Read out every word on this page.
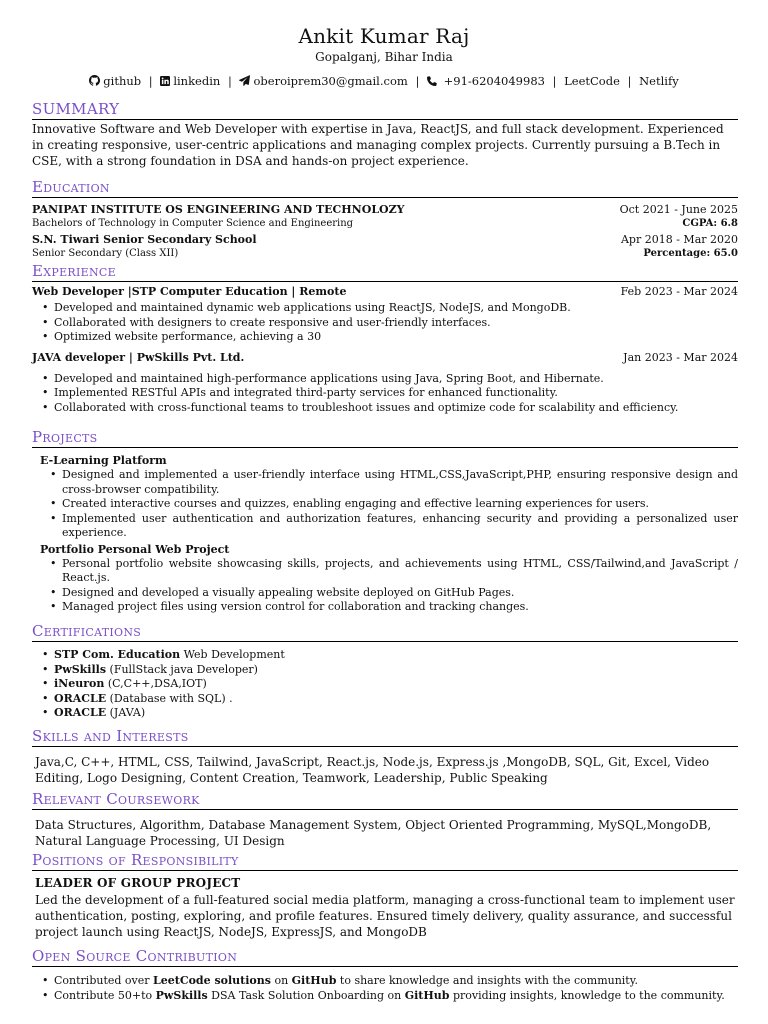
Ankit Kumar Raj
Gopalganj, Bihar India
github | linkedin | oberoiprem30@gmail.com | +91-6204049983 | LeetCode | Netlify
SUMMARY
Innovative Software and Web Developer with expertise in Java, ReactJS, and full stack development. Experienced in creating responsive, user-centric applications and managing complex projects. Currently pursuing a B.Tech in CSE, with a strong foundation in DSA and hands-on project experience.
Education
PANIPAT INSTITUTE OS ENGINEERING AND TECHNOLOZY	Oct 2021 - June 2025
Bachelors of Technology in Computer Science and Engineering	CGPA: 6.8
S.N. Tiwari Senior Secondary School	Apr 2018 - Mar 2020
Senior Secondary (Class XII)	Percentage: 65.0
Experience
Web Developer |STP Computer Education | Remote	Feb 2023 - Mar 2024
• Developed and maintained dynamic web applications using ReactJS, NodeJS, and MongoDB.
• Collaborated with designers to create responsive and user-friendly interfaces.
• Optimized website performance, achieving a 30
JAVA developer | PwSkills Pvt. Ltd.	Jan 2023 - Mar 2024
• Developed and maintained high-performance applications using Java, Spring Boot, and Hibernate.
• Implemented RESTful APIs and integrated third-party services for enhanced functionality.
• Collaborated with cross-functional teams to troubleshoot issues and optimize code for scalability and efficiency.
Projects
E-Learning Platform
• Designed and implemented a user-friendly interface using HTML,CSS,JavaScript,PHP, ensuring responsive design and cross-browser compatibility.
• Created interactive courses and quizzes, enabling engaging and effective learning experiences for users.
• Implemented user authentication and authorization features, enhancing security and providing a personalized user experience.
Portfolio Personal Web Project
• Personal portfolio website showcasing skills, projects, and achievements using HTML, CSS/Tailwind,and JavaScript / React.js.
• Designed and developed a visually appealing website deployed on GitHub Pages.
• Managed project files using version control for collaboration and tracking changes.
Certifications
• STP Com. Education Web Development
• PwSkills (FullStack java Developer)
• iNeuron (C,C++,DSA,IOT)
• ORACLE (Database with SQL) .
• ORACLE (JAVA)
Skills and Interests
Java,C, C++, HTML, CSS, Tailwind, JavaScript, React.js, Node.js, Express.js ,MongoDB, SQL, Git, Excel, Video Editing, Logo Designing, Content Creation, Teamwork, Leadership, Public Speaking
Relevant Coursework
Data Structures, Algorithm, Database Management System, Object Oriented Programming, MySQL,MongoDB, Natural Language Processing, UI Design
Positions of Responsibility
LEADER OF GROUP PROJECT
Led the development of a full-featured social media platform, managing a cross-functional team to implement user authentication, posting, exploring, and profile features. Ensured timely delivery, quality assurance, and successful project launch using ReactJS, NodeJS, ExpressJS, and MongoDB
Open Source Contribution
• Contributed over LeetCode solutions on GitHub to share knowledge and insights with the community.
• Contribute 50+to PwSkills DSA Task Solution Onboarding on GitHub providing insights, knowledge to the community.
